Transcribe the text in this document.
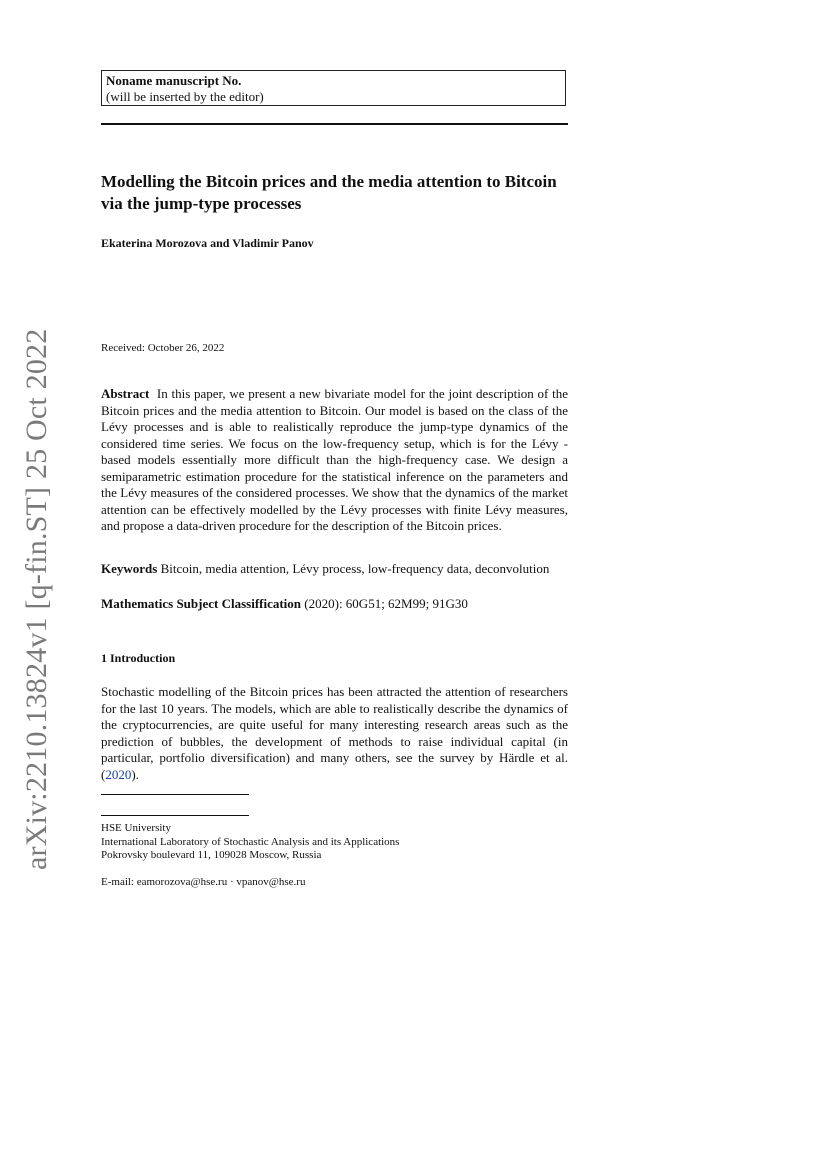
arXiv:2210.13824v1 [q-fin.ST] 25 Oct 2022
Noname manuscript No.
(will be inserted by the editor)
Modelling the Bitcoin prices and the media attention to Bitcoin via the jump-type processes
Ekaterina Morozova and Vladimir Panov
Received: October 26, 2022
Abstract In this paper, we present a new bivariate model for the joint description of the Bitcoin prices and the media attention to Bitcoin. Our model is based on the class of the Lévy processes and is able to realistically reproduce the jump-type dynamics of the considered time series. We focus on the low-frequency setup, which is for the Lévy - based models essentially more difficult than the high-frequency case. We design a semiparametric estimation procedure for the statistical inference on the parameters and the Lévy measures of the considered processes. We show that the dynamics of the market attention can be effectively modelled by the Lévy processes with finite Lévy measures, and propose a data-driven procedure for the description of the Bitcoin prices.
Keywords Bitcoin, media attention, Lévy process, low-frequency data, deconvolution
Mathematics Subject Classiffication (2020): 60G51; 62M99; 91G30
1 Introduction
Stochastic modelling of the Bitcoin prices has been attracted the attention of researchers for the last 10 years. The models, which are able to realistically describe the dynamics of the cryptocurrencies, are quite useful for many interesting research areas such as the prediction of bubbles, the development of methods to raise individual capital (in particular, portfolio diversification) and many others, see the survey by Härdle et al. (2020).
HSE University
International Laboratory of Stochastic Analysis and its Applications
Pokrovsky boulevard 11, 109028 Moscow, Russia
E-mail: eamorozova@hse.ru · vpanov@hse.ru
